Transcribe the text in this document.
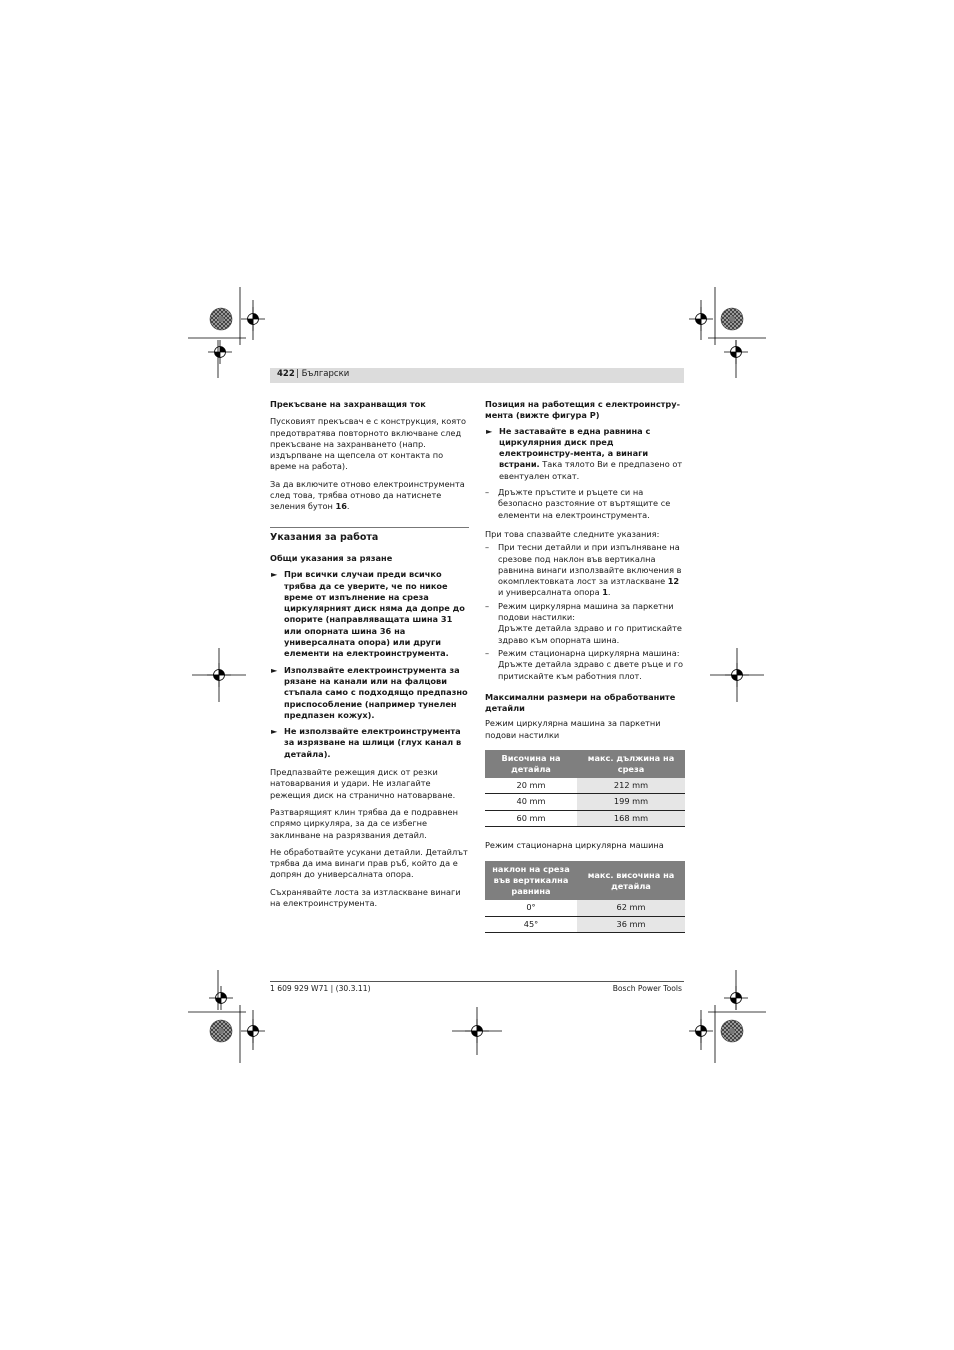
422 | Български

Прекъсване на захранващия ток

Пусковият прекъсвач е с конструкция, която предотвратява повторното включване след прекъсване на захранването (напр. издърпване на щепсела от контакта по време на работа).

За да включите отново електроинструмента след това, трябва отново да натиснете зеления бутон 16.

Указания за работа

Общи указания за рязане

► При всички случаи преди всичко трябва да се уверите, че по никое време от изпълнение на среза циркулярният диск няма да допре до опорите (направляващата шина 31 или опорната шина 36 на универсалната опора) или други елементи на електроинструмента.
► Използвайте електроинструмента за рязане на канали или на фалцови стъпала само с подходящо предпазно приспособление (например тунелен предпазен кожух).
► Не използвайте електроинструмента за изрязване на шлици (глух канал в детайла).

Предпазвайте режещия диск от резки натоварвания и удари. Не излагайте режещия диск на странично натоварване.

Разтварящият клин трябва да е подравнен спрямо циркуляра, за да се избегне заклинване на разрязвания детайл.

Не обработвайте усукани детайли. Детайлът трябва да има винаги прав ръб, който да е допрян до универсалната опора.

Съхранявайте лоста за изтласкване винаги на електроинструмента.

Позиция на работещия с електроинстру-мента (вижте фигура P)

► Не заставайте в една равнина с циркулярния диск пред електроинстру-мента, а винаги встрани. Така тялото Ви е предпазено от евентуален откат.
– Дръжте пръстите и ръцете си на безопасно разстояние от въртящите се елементи на електроинструмента.

При това спазвайте следните указания:

– При тесни детайли и при изпълняване на срезове под наклон във вертикална равнина винаги използвайте включения в окомплектовката лост за изтласкване 12 и универсалната опора 1.
– Режим циркулярна машина за паркетни подови настилки:
Дръжте детайла здраво и го притискайте здраво към опорната шина.
– Режим стационарна циркулярна машина:
Дръжте детайла здраво с двете ръце и го притискайте към работния плот.

Максимални размери на обработваните детайли

Режим циркулярна машина за паркетни подови настилки

Височина на детайла	макс. дължина на среза
20 mm	212 mm
40 mm	199 mm
60 mm	168 mm

Режим стационарна циркулярна машина

наклон на среза във вертикална равнина	макс. височина на детайла
0°	62 mm
45°	36 mm
1 609 929 W71 | (30.3.11)	Bosch Power Tools
